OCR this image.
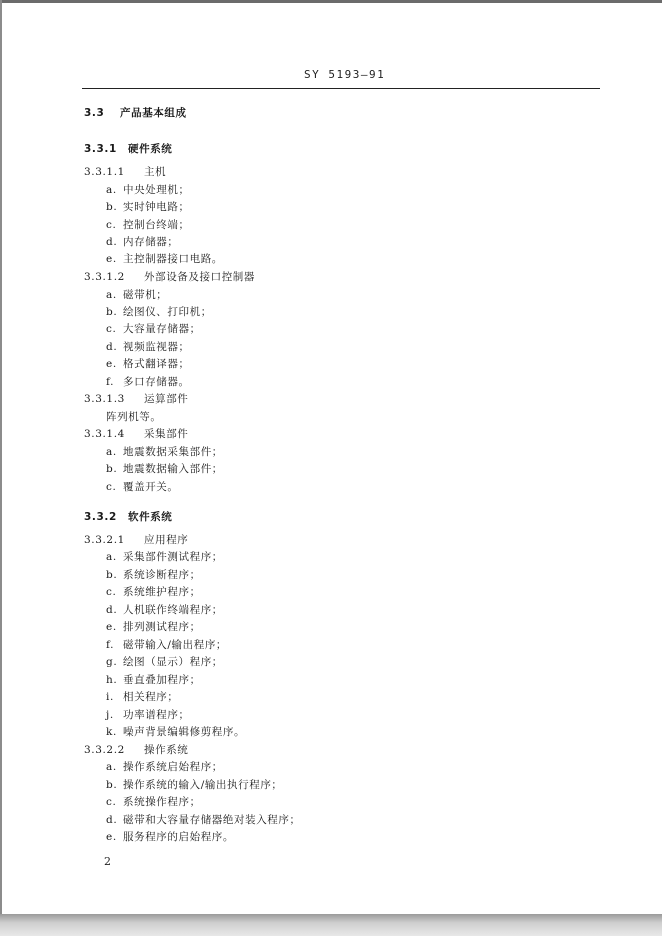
SY 5193—91
3.3 产品基本组成
3.3.1 硬件系统
3.3.1.1 主机
a. 中央处理机；
b. 实时钟电路；
c. 控制台终端；
d. 内存储器；
e. 主控制器接口电路。
3.3.1.2 外部设备及接口控制器
a. 磁带机；
b. 绘图仪、打印机；
c. 大容量存储器；
d. 视频监视器；
e. 格式翻译器；
f. 多口存储器。
3.3.1.3 运算部件
阵列机等。
3.3.1.4 采集部件
a. 地震数据采集部件；
b. 地震数据输入部件；
c. 覆盖开关。
3.3.2 软件系统
3.3.2.1 应用程序
a. 采集部件测试程序；
b. 系统诊断程序；
c. 系统维护程序；
d. 人机联作终端程序；
e. 排列测试程序；
f. 磁带输入/输出程序；
g. 绘图（显示）程序；
h. 垂直叠加程序；
i. 相关程序；
j. 功率谱程序；
k. 噪声背景编辑修剪程序。
3.3.2.2 操作系统
a. 操作系统启始程序；
b. 操作系统的输入/输出执行程序；
c. 系统操作程序；
d. 磁带和大容量存储器绝对装入程序；
e. 服务程序的启始程序。
2
